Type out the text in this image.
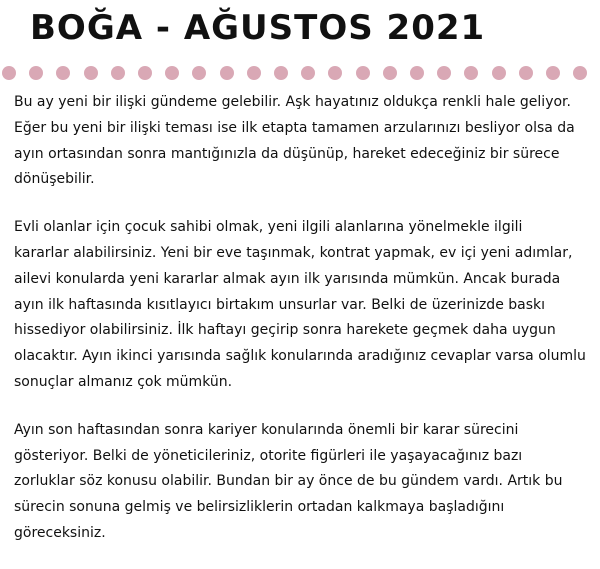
BOĞA - AĞUSTOS 2021

Bu ay yeni bir ilişki gündeme gelebilir. Aşk hayatınız oldukça renkli hale geliyor.
Eğer bu yeni bir ilişki teması ise ilk etapta tamamen arzularınızı besliyor olsa da
ayın ortasından sonra mantığınızla da düşünüp, hareket edeceğiniz bir sürece
dönüşebilir.

Evli olanlar için çocuk sahibi olmak, yeni ilgili alanlarına yönelmekle ilgili
kararlar alabilirsiniz. Yeni bir eve taşınmak, kontrat yapmak, ev içi yeni adımlar,
ailevi konularda yeni kararlar almak ayın ilk yarısında mümkün. Ancak burada
ayın ilk haftasında kısıtlayıcı birtakım unsurlar var. Belki de üzerinizde baskı
hissediyor olabilirsiniz. İlk haftayı geçirip sonra harekete geçmek daha uygun
olacaktır. Ayın ikinci yarısında sağlık konularında aradığınız cevaplar varsa olumlu
sonuçlar almanız çok mümkün.

Ayın son haftasından sonra kariyer konularında önemli bir karar sürecini
gösteriyor. Belki de yöneticileriniz, otorite figürleri ile yaşayacağınız bazı
zorluklar söz konusu olabilir. Bundan bir ay önce de bu gündem vardı. Artık bu
sürecin sonuna gelmiş ve belirsizliklerin ortadan kalkmaya başladığını
göreceksiniz.
